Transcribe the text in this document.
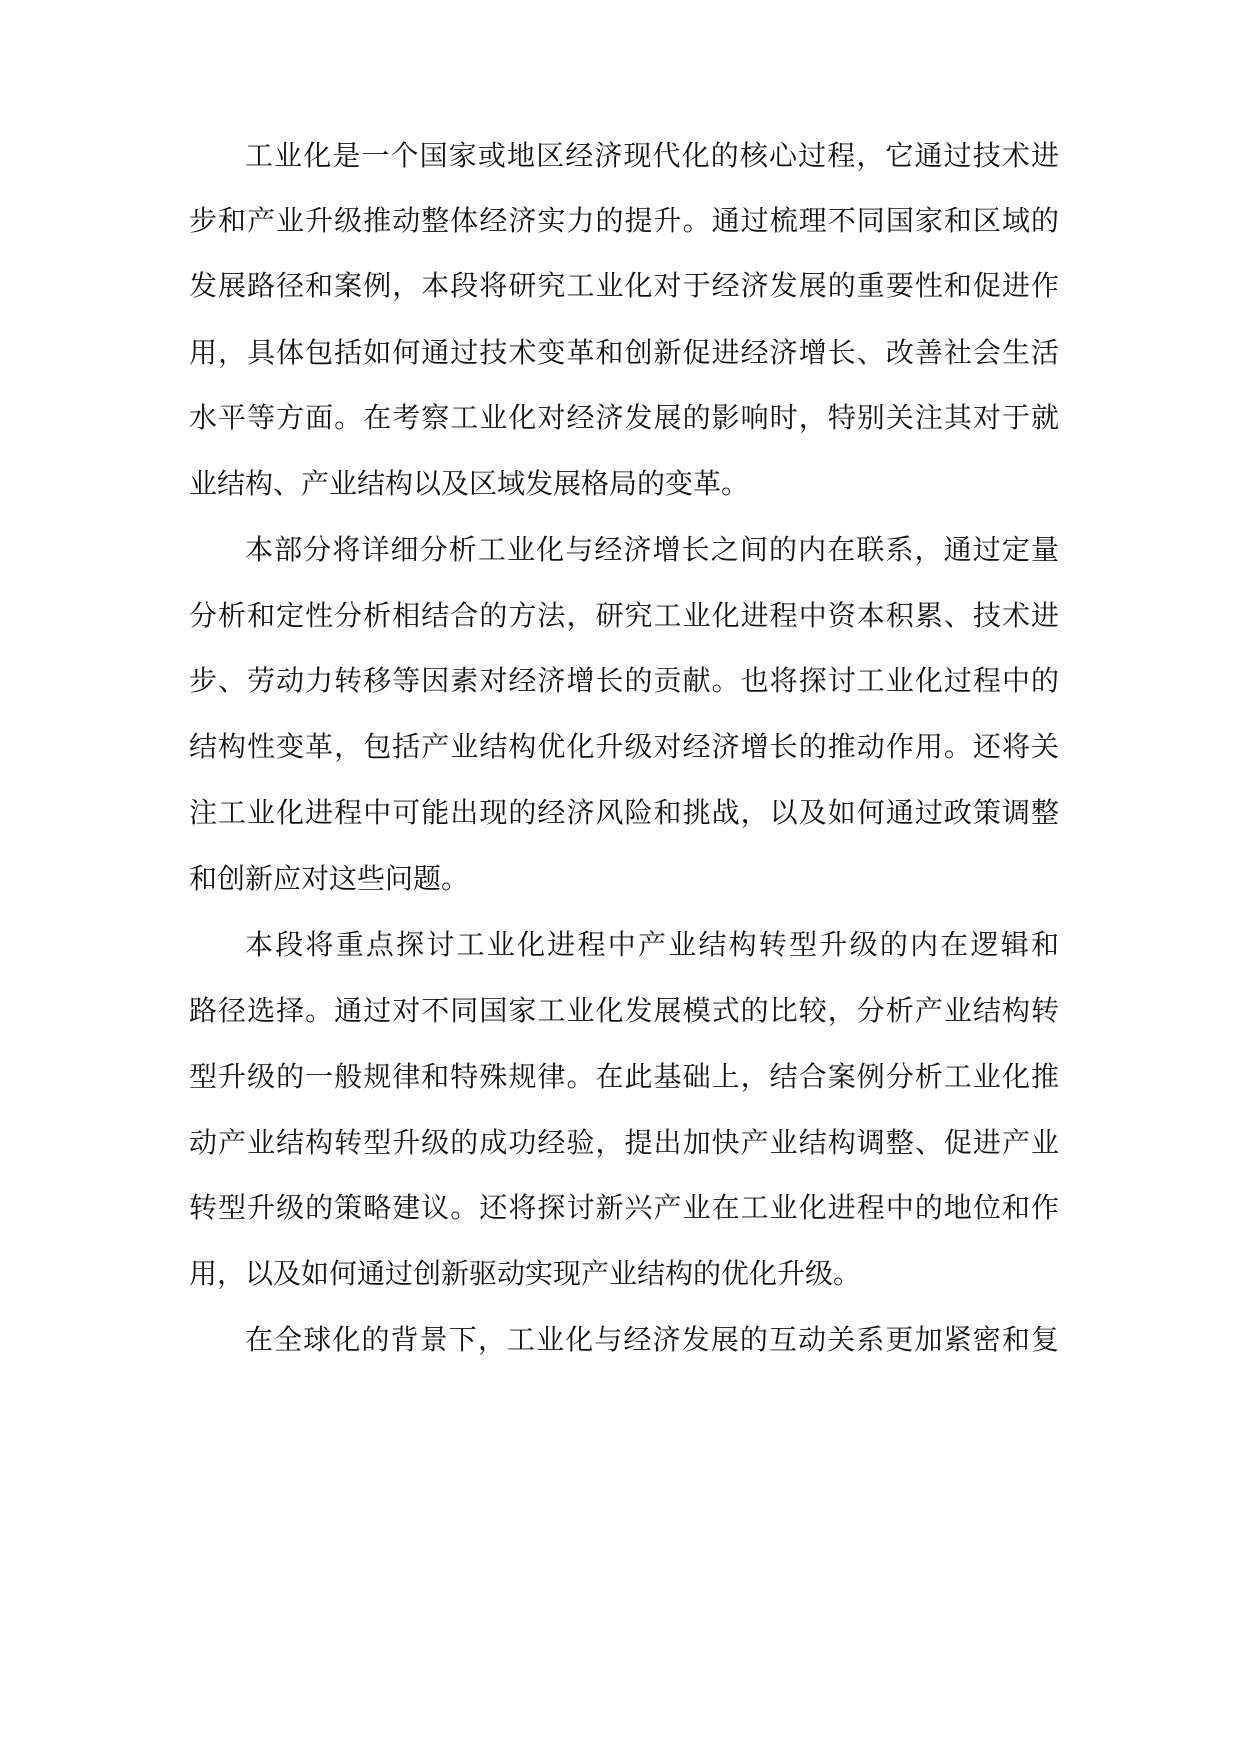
工业化是一个国家或地区经济现代化的核心过程，它通过技术进
步和产业升级推动整体经济实力的提升。通过梳理不同国家和区域的
发展路径和案例，本段将研究工业化对于经济发展的重要性和促进作
用，具体包括如何通过技术变革和创新促进经济增长、改善社会生活
水平等方面。在考察工业化对经济发展的影响时，特别关注其对于就
业结构、产业结构以及区域发展格局的变革。
本部分将详细分析工业化与经济增长之间的内在联系，通过定量
分析和定性分析相结合的方法，研究工业化进程中资本积累、技术进
步、劳动力转移等因素对经济增长的贡献。也将探讨工业化过程中的
结构性变革，包括产业结构优化升级对经济增长的推动作用。还将关
注工业化进程中可能出现的经济风险和挑战，以及如何通过政策调整
和创新应对这些问题。
本段将重点探讨工业化进程中产业结构转型升级的内在逻辑和
路径选择。通过对不同国家工业化发展模式的比较，分析产业结构转
型升级的一般规律和特殊规律。在此基础上，结合案例分析工业化推
动产业结构转型升级的成功经验，提出加快产业结构调整、促进产业
转型升级的策略建议。还将探讨新兴产业在工业化进程中的地位和作
用，以及如何通过创新驱动实现产业结构的优化升级。
在全球化的背景下，工业化与经济发展的互动关系更加紧密和复
